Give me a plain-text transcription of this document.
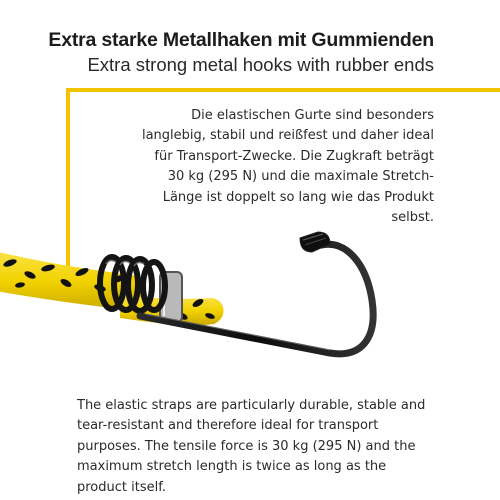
Extra starke Metallhaken mit Gummienden
Extra strong metal hooks with rubber ends
Die elastischen Gurte sind besonders langlebig, stabil und reißfest und daher ideal für Transport-Zwecke. Die Zugkraft beträgt 30 kg (295 N) und die maximale Stretch-Länge ist doppelt so lang wie das Produkt selbst.
The elastic straps are particularly durable, stable and tear-resistant and therefore ideal for transport purposes. The tensile force is 30 kg (295 N) and the maximum stretch length is twice as long as the product itself.
